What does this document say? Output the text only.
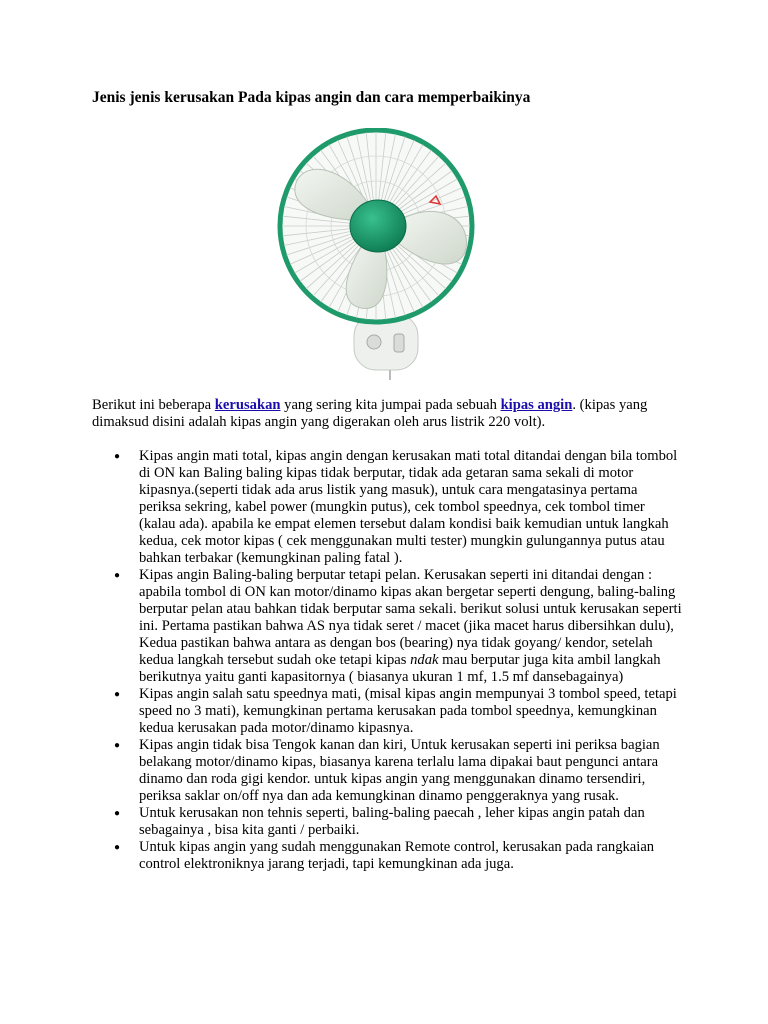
Jenis jenis kerusakan Pada kipas angin dan cara memperbaikinya

Berikut ini beberapa kerusakan yang sering kita jumpai pada sebuah kipas angin. (kipas yang dimaksud disini adalah kipas angin yang digerakan oleh arus listrik 220 volt).

● Kipas angin mati total, kipas angin dengan kerusakan mati total ditandai dengan bila tombol di ON kan Baling baling kipas tidak berputar, tidak ada getaran sama sekali di motor kipasnya.(seperti tidak ada arus listik yang masuk), untuk cara mengatasinya pertama periksa sekring, kabel power (mungkin putus), cek tombol speednya, cek tombol timer (kalau ada). apabila ke empat elemen tersebut dalam kondisi baik kemudian untuk langkah kedua, cek motor kipas ( cek menggunakan multi tester) mungkin gulungannya putus atau bahkan terbakar (kemungkinan paling fatal ).
● Kipas angin Baling-baling berputar tetapi pelan. Kerusakan seperti ini ditandai dengan : apabila tombol di ON kan motor/dinamo kipas akan bergetar seperti dengung, baling-baling berputar pelan atau bahkan tidak berputar sama sekali. berikut solusi untuk kerusakan seperti ini. Pertama pastikan bahwa AS nya tidak seret / macet (jika macet harus dibersihkan dulu), Kedua pastikan bahwa antara as dengan bos (bearing) nya tidak goyang/ kendor, setelah kedua langkah tersebut sudah oke tetapi kipas ndak mau berputar juga kita ambil langkah berikutnya yaitu ganti kapasitornya ( biasanya ukuran 1 mf, 1.5 mf dansebagainya)
● Kipas angin salah satu speednya mati, (misal kipas angin mempunyai 3 tombol speed, tetapi speed no 3 mati), kemungkinan pertama kerusakan pada tombol speednya, kemungkinan kedua kerusakan pada motor/dinamo kipasnya.
● Kipas angin tidak bisa Tengok kanan dan kiri, Untuk kerusakan seperti ini periksa bagian belakang motor/dinamo kipas, biasanya karena terlalu lama dipakai baut pengunci antara dinamo dan roda gigi kendor. untuk kipas angin yang menggunakan dinamo tersendiri, periksa saklar on/off nya dan ada kemungkinan dinamo penggeraknya yang rusak.
● Untuk kerusakan non tehnis seperti, baling-baling paecah , leher kipas angin patah dan sebagainya , bisa kita ganti / perbaiki.
● Untuk kipas angin yang sudah menggunakan Remote control, kerusakan pada rangkaian control elektroniknya jarang terjadi, tapi kemungkinan ada juga.
